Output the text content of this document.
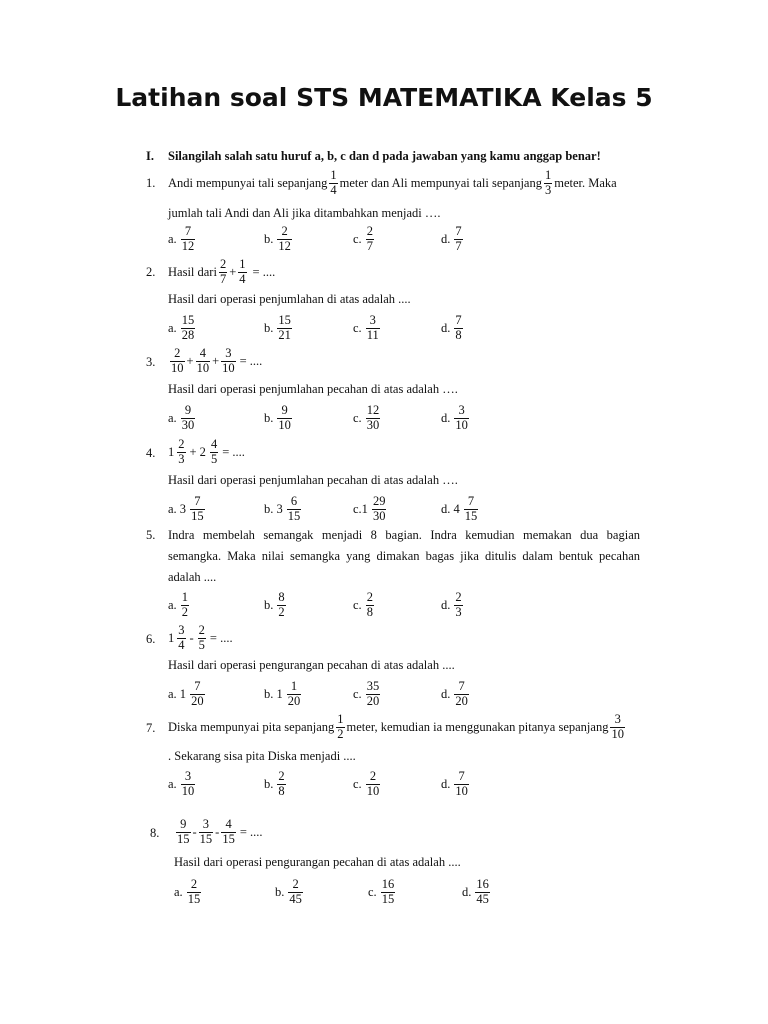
Latihan soal STS MATEMATIKA Kelas 5
I. Silangilah salah satu huruf a, b, c dan d pada jawaban yang kamu anggap benar!
1. Andi mempunyai tali sepanjang $\frac{1}{4}$ meter dan Ali mempunyai tali sepanjang $\frac{1}{3}$ meter. Maka
jumlah tali Andi dan Ali jika ditambahkan menjadi ….
a. $\frac{7}{12}$	b. $\frac{2}{12}$	c. $\frac{2}{7}$	d. $\frac{7}{7}$
2. Hasil dari $\frac{2}{7} + \frac{1}{4}$ = ....
Hasil dari operasi penjumlahan di atas adalah ....
a. $\frac{15}{28}$	b. $\frac{15}{21}$	c. $\frac{3}{11}$	d. $\frac{7}{8}$
3. $\frac{2}{10} + \frac{4}{10} + \frac{3}{10}$ = ....
Hasil dari operasi penjumlahan pecahan di atas adalah ….
a. $\frac{9}{30}$	b. $\frac{9}{10}$	c. $\frac{12}{30}$	d. $\frac{3}{10}$
4. $1 \frac{2}{3} + 2 \frac{4}{5}$ = ....
Hasil dari operasi penjumlahan pecahan di atas adalah ….
a. $3 \frac{7}{15}$	b. $3 \frac{6}{15}$	$c.1 \frac{29}{30}$	d. $4 \frac{7}{15}$
5. Indra membelah semangak menjadi 8 bagian. Indra kemudian memakan dua bagian
semangka. Maka nilai semangka yang dimakan bagas jika ditulis dalam bentuk pecahan
adalah ....
a. $\frac{1}{2}$	b. $\frac{8}{2}$	c. $\frac{2}{8}$	d. $\frac{2}{3}$
6. $1 \frac{3}{4} - \frac{2}{5}$ = ....
Hasil dari operasi pengurangan pecahan di atas adalah ....
a. $1 \frac{7}{20}$	b. $1 \frac{1}{20}$	c. $\frac{35}{20}$	d. $\frac{7}{20}$
7. Diska mempunyai pita sepanjang $\frac{1}{2}$ meter, kemudian ia menggunakan pitanya sepanjang $\frac{3}{10}$
. Sekarang sisa pita Diska menjadi ....
a. $\frac{3}{10}$	b. $\frac{2}{8}$	c. $\frac{2}{10}$	d. $\frac{7}{10}$
8. $\frac{9}{15} - \frac{3}{15} - \frac{4}{15}$ = ....
Hasil dari operasi pengurangan pecahan di atas adalah ....
a. $\frac{2}{15}$	b. $\frac{2}{45}$	c. $\frac{16}{15}$	d. $\frac{16}{45}$
